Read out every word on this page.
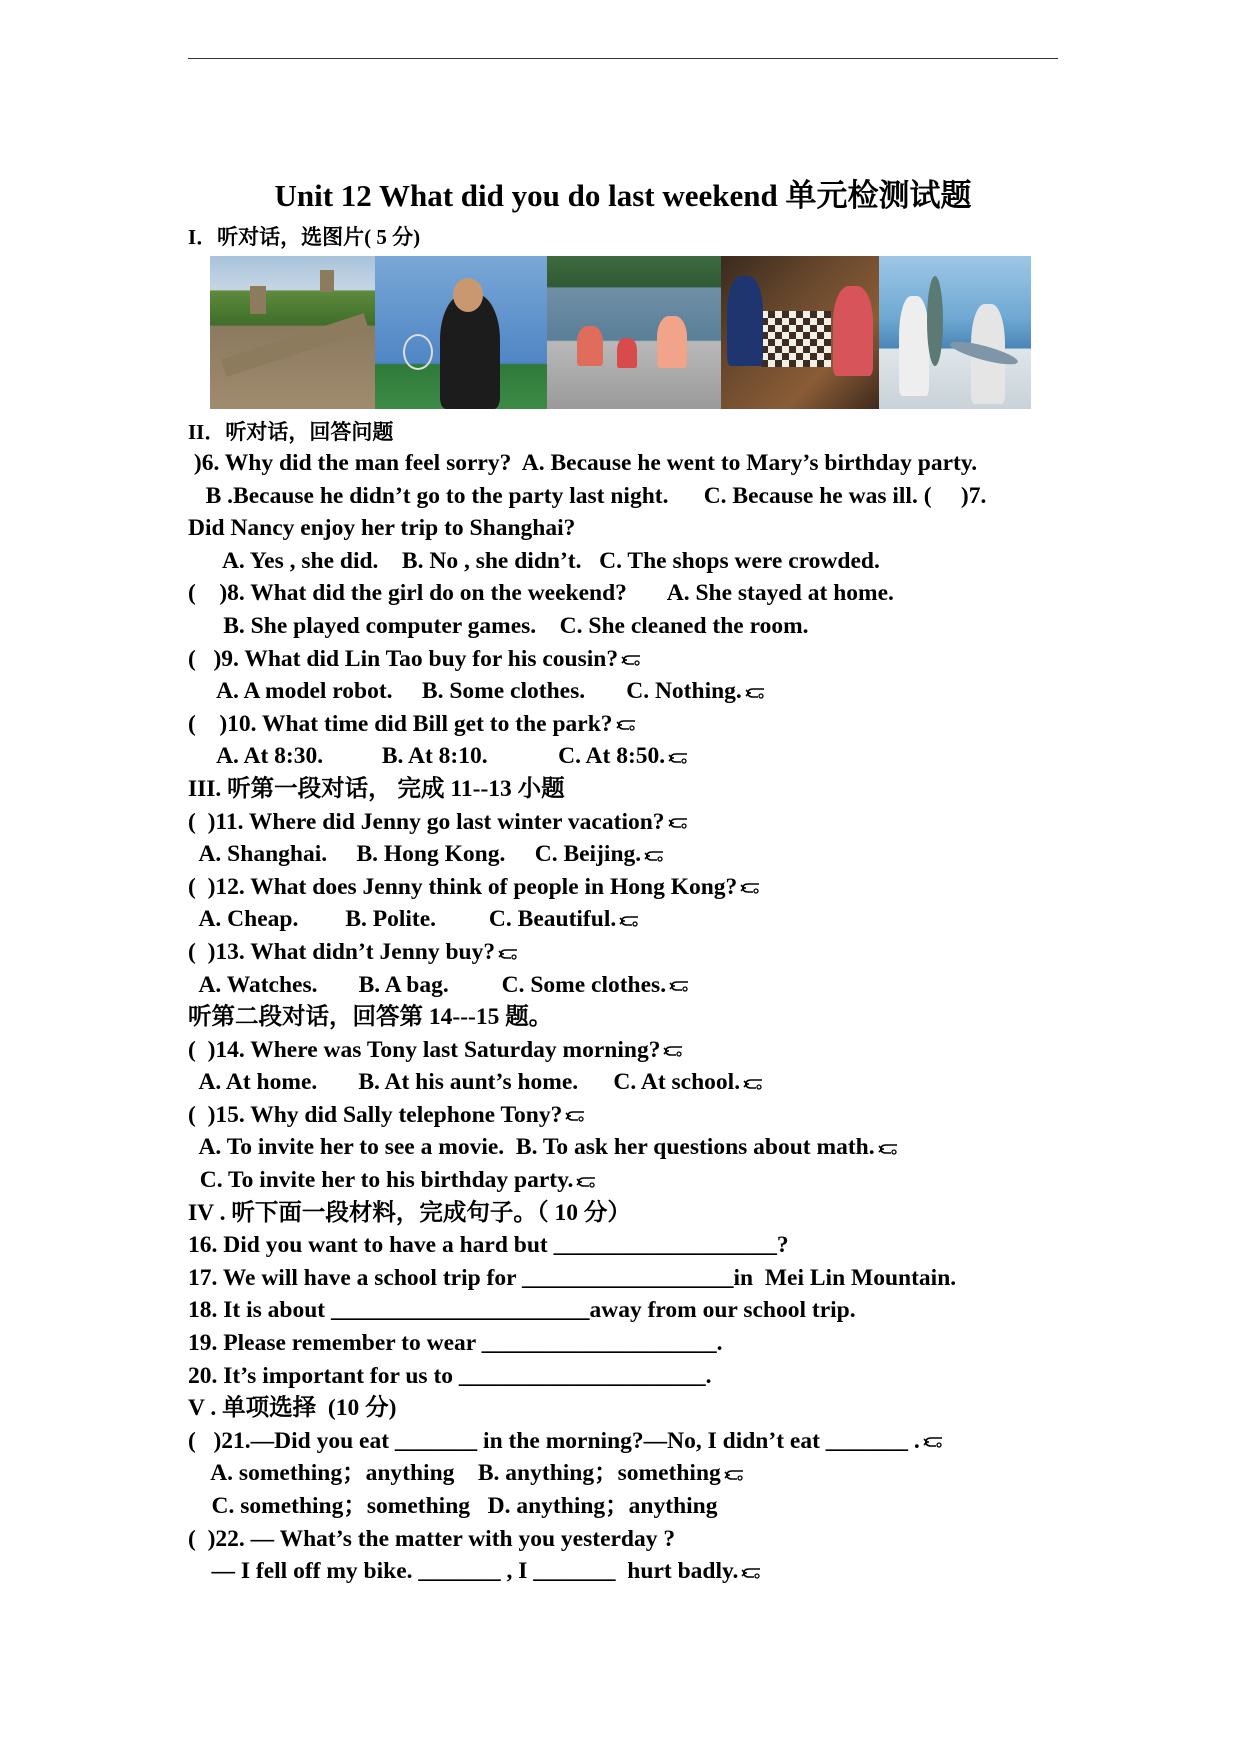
Unit 12 What did you do last weekend 单元检测试题
I．听对话，选图片( 5 分)
II．听对话，回答问题
)6. Why did the man feel sorry?  A. Because he went to Mary’s birthday party.
B .Because he didn’t go to the party last night.      C. Because he was ill. (     )7.
Did Nancy enjoy her trip to Shanghai?
A. Yes , she did.    B. No , she didn’t.   C. The shops were crowded.
(    )8. What did the girl do on the weekend?       A. She stayed at home.
B. She played computer games.    C. She cleaned the room.
(   )9. What did Lin Tao buy for his cousin?
A. A model robot.     B. Some clothes.       C. Nothing.
(    )10. What time did Bill get to the park?
A. At 8:30.          B. At 8:10.            C. At 8:50.
III. 听第一段对话， 完成 11--13 小题
(  )11. Where did Jenny go last winter vacation?
A. Shanghai.     B. Hong Kong.     C. Beijing.
(  )12. What does Jenny think of people in Hong Kong?
A. Cheap.        B. Polite.         C. Beautiful.
(  )13. What didn’t Jenny buy?
A. Watches.       B. A bag.         C. Some clothes.
听第二段对话，回答第 14---15 题。
(  )14. Where was Tony last Saturday morning?
A. At home.       B. At his aunt’s home.      C. At school.
(  )15. Why did Sally telephone Tony?
A. To invite her to see a movie.  B. To ask her questions about math.
C. To invite her to his birthday party.
IV . 听下面一段材料，完成句子。（ 10 分）
16. Did you want to have a hard but ___________________?
17. We will have a school trip for __________________in  Mei Lin Mountain.
18. It is about ______________________away from our school trip.
19. Please remember to wear ____________________.
20. It’s important for us to _____________________.
V . 单项选择  (10 分)
(   )21.—Did you eat _______ in the morning?—No, I didn’t eat _______ .
A. something；anything    B. anything；something
C. something；something   D. anything；anything
(  )22. — What’s the matter with you yesterday ?
— I fell off my bike. _______ , I _______  hurt badly.
